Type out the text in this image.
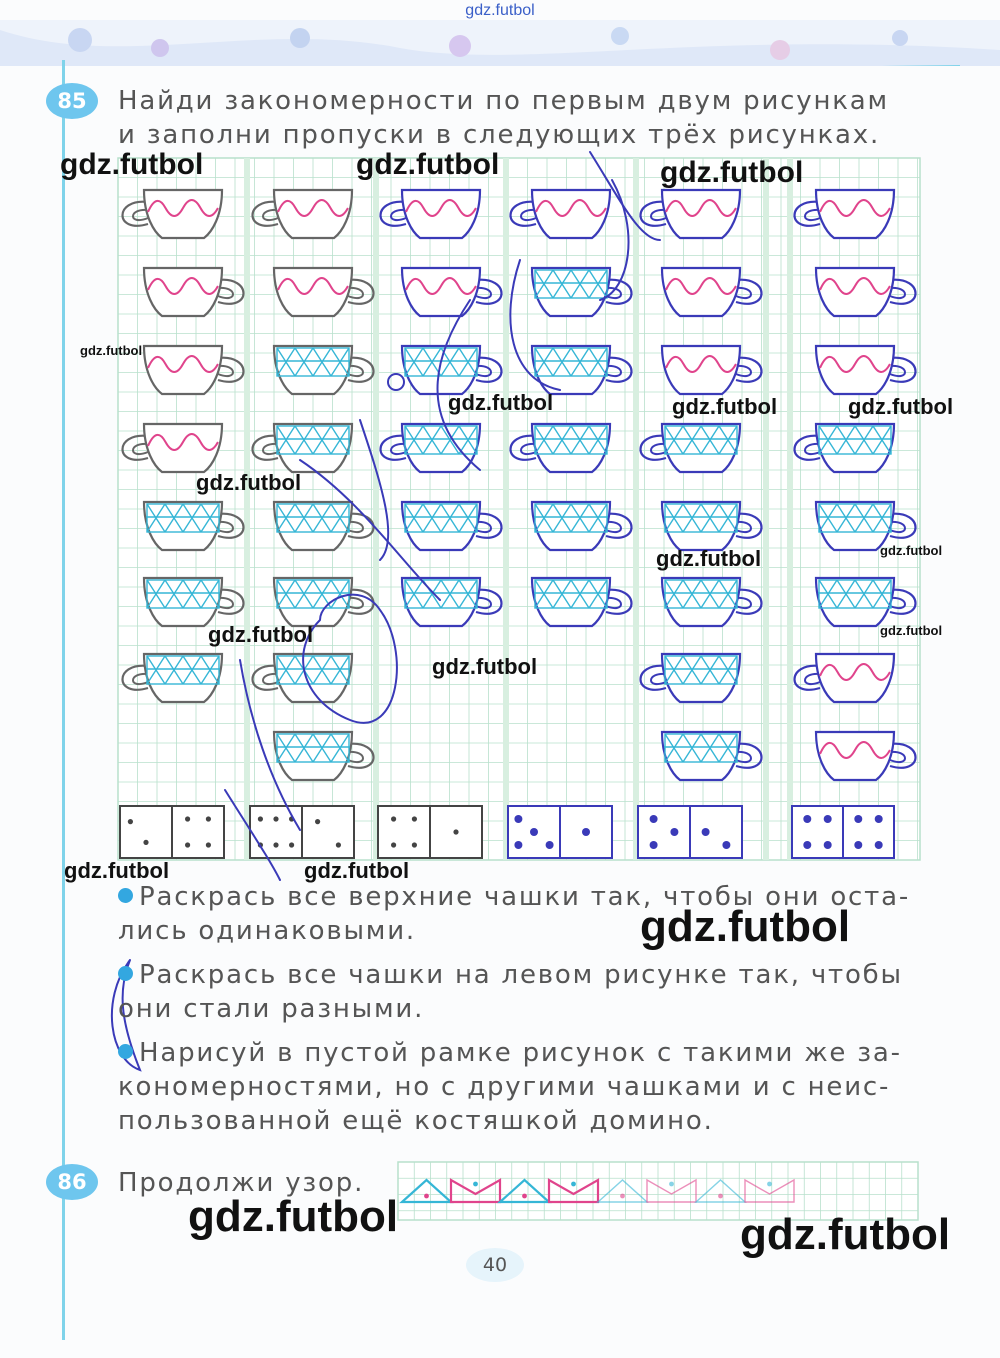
gdz.futbol
85	Найди закономерности по первым двум рисункам
и заполни пропуски в следующих трёх рисунках.
Раскрась все верхние чашки так, чтобы они оста-
лись одинаковыми.
Раскрась все чашки на левом рисунке так, чтобы
они стали разными.
Нарисуй в пустой рамке рисунок с такими же за-
кономерностями, но с другими чашками и с неис-
пользованной ещё костяшкой домино.
86	Продолжи узор.
40
gdz.futbol	gdz.futbol	gdz.futbol
gdz.futbol
gdz.futbol	gdz.futbol	gdz.futbol
gdz.futbol
gdz.futbol
gdz.futbol
gdz.futbol	gdz.futbol
gdz.futbol
gdz.futbol	gdz.futbol
gdz.futbol
gdz.futbol	gdz.futbol
